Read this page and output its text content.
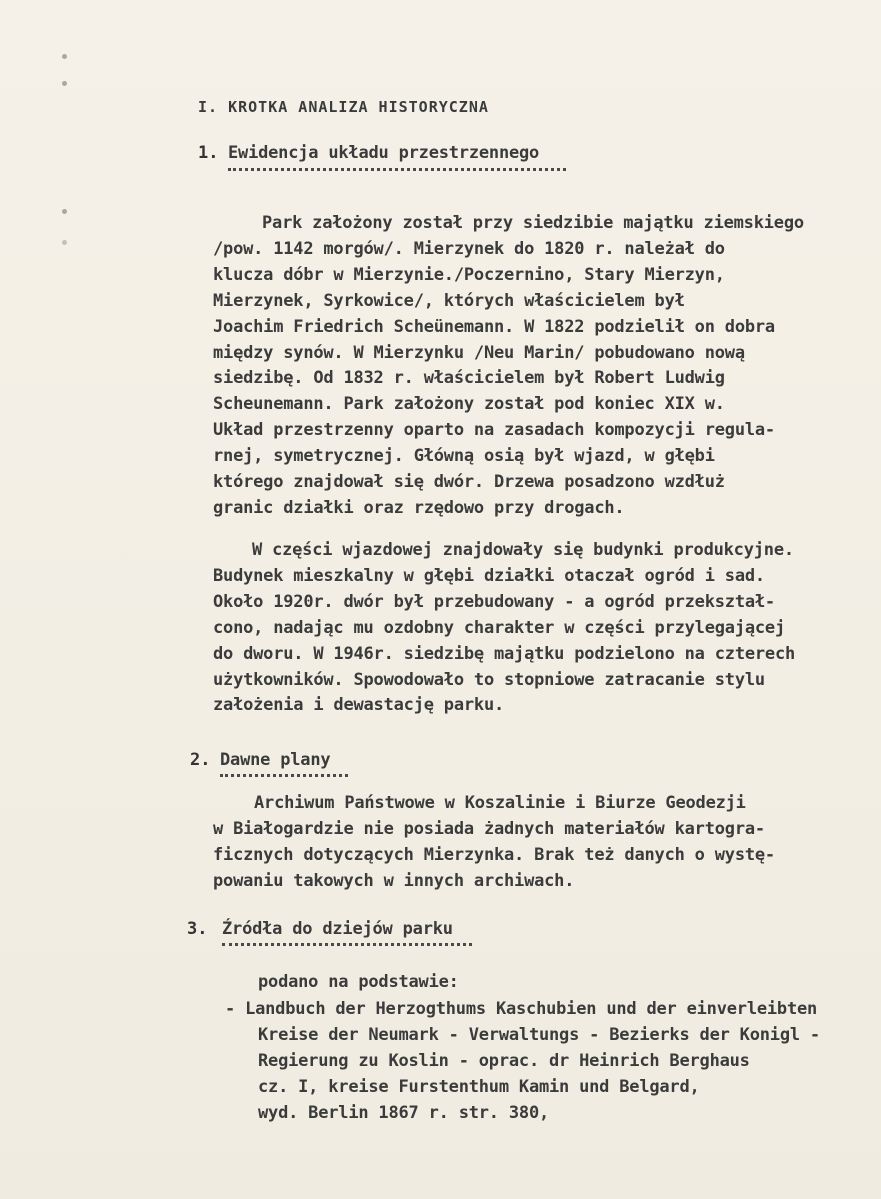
I. KROTKA ANALIZA HISTORYCZNA
1. Ewidencja układu przestrzennego
Park założony został przy siedzibie majątku ziemskiego
/pow. 1142 morgów/. Mierzynek do 1820 r. należał do
klucza dóbr w Mierzynie./Poczernino, Stary Mierzyn,
Mierzynek, Syrkowice/, których właścicielem był
Joachim Friedrich Scheünemann. W 1822 podzielił on dobra
między synów. W Mierzynku /Neu Marin/ pobudowano nową
siedzibę. Od 1832 r. właścicielem był Robert Ludwig
Scheunemann. Park założony został pod koniec XIX w.
Układ przestrzenny oparto na zasadach kompozycji regula-
rnej, symetrycznej. Główną osią był wjazd, w głębi
którego znajdował się dwór. Drzewa posadzono wzdłuż
granic działki oraz rzędowo przy drogach.
W części wjazdowej znajdowały się budynki produkcyjne.
Budynek mieszkalny w głębi działki otaczał ogród i sad.
Około 1920r. dwór był przebudowany - a ogród przekształ-
cono, nadając mu ozdobny charakter w części przylegającej
do dworu. W 1946r. siedzibę majątku podzielono na czterech
użytkowników. Spowodowało to stopniowe zatracanie stylu
założenia i dewastację parku.
2. Dawne plany
Archiwum Państwowe w Koszalinie i Biurze Geodezji
w Białogardzie nie posiada żadnych materiałów kartogra-
ficznych dotyczących Mierzynka. Brak też danych o wystę-
powaniu takowych w innych archiwach.
3. Źródła do dziejów parku
podano na podstawie:
- Landbuch der Herzogthums Kaschubien und der einverleibten
Kreise der Neumark - Verwaltungs - Bezierks der Konigl -
Regierung zu Koslin - oprac. dr Heinrich Berghaus
cz. I, kreise Furstenthum Kamin und Belgard,
wyd. Berlin 1867 r. str. 380,
